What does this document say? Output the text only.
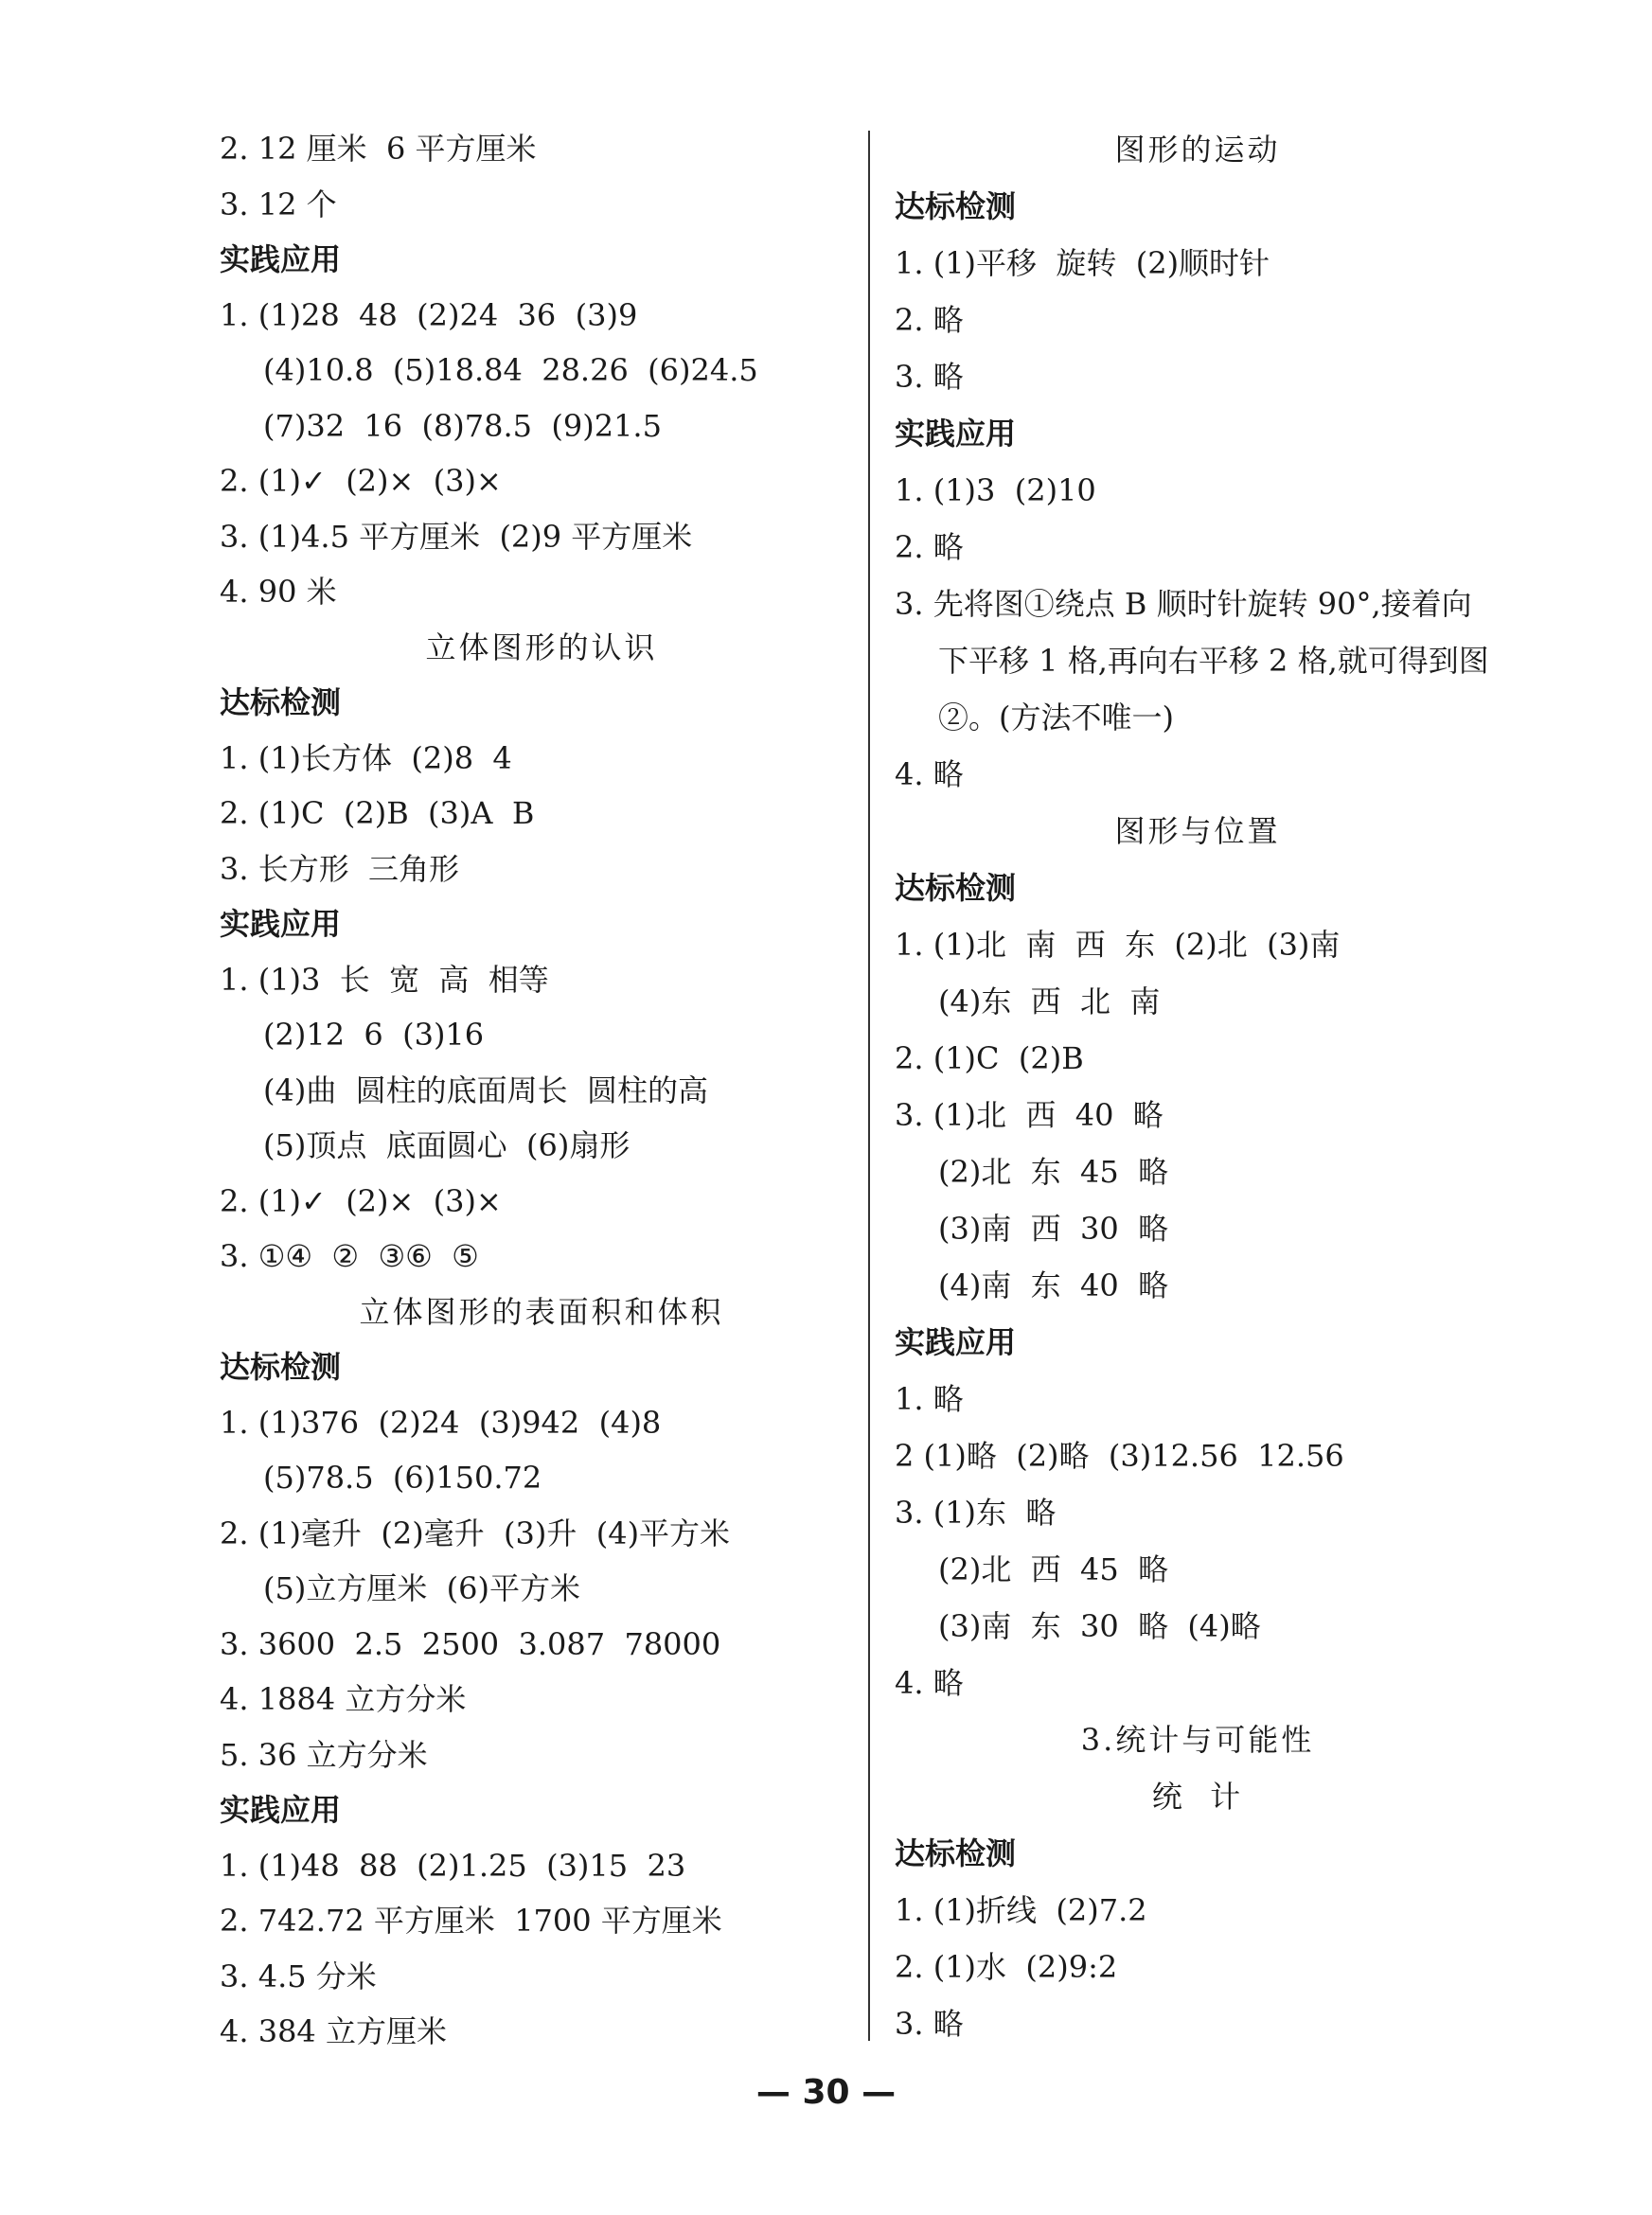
2. 12 厘米  6 平方厘米
3. 12 个
实践应用
1. (1)28  48  (2)24  36  (3)9
(4)10.8  (5)18.84  28.26  (6)24.5
(7)32  16  (8)78.5  (9)21.5
2. (1)✓  (2)×  (3)×
3. (1)4.5 平方厘米  (2)9 平方厘米
4. 90 米
立体图形的认识
达标检测
1. (1)长方体  (2)8  4
2. (1)C  (2)B  (3)A  B
3. 长方形  三角形
实践应用
1. (1)3  长  宽  高  相等
(2)12  6  (3)16
(4)曲  圆柱的底面周长  圆柱的高
(5)顶点  底面圆心  (6)扇形
2. (1)✓  (2)×  (3)×
3. ①④  ②  ③⑥  ⑤
立体图形的表面积和体积
达标检测
1. (1)376  (2)24  (3)942  (4)8
(5)78.5  (6)150.72
2. (1)毫升  (2)毫升  (3)升  (4)平方米
(5)立方厘米  (6)平方米
3. 3600  2.5  2500  3.087  78000
4. 1884 立方分米
5. 36 立方分米
实践应用
1. (1)48  88  (2)1.25  (3)15  23
2. 742.72 平方厘米  1700 平方厘米
3. 4.5 分米
4. 384 立方厘米
图形的运动
达标检测
1. (1)平移  旋转  (2)顺时针
2. 略
3. 略
实践应用
1. (1)3  (2)10
2. 略
3. 先将图①绕点 B 顺时针旋转 90°,接着向
下平移 1 格,再向右平移 2 格,就可得到图
②。(方法不唯一)
4. 略
图形与位置
达标检测
1. (1)北  南  西  东  (2)北  (3)南
(4)东  西  北  南
2. (1)C  (2)B
3. (1)北  西  40  略
(2)北  东  45  略
(3)南  西  30  略
(4)南  东  40  略
实践应用
1. 略
2 (1)略  (2)略  (3)12.56  12.56
3. (1)东  略
(2)北  西  45  略
(3)南  东  30  略  (4)略
4. 略
3.统计与可能性
统  计
达标检测
1. (1)折线  (2)7.2
2. (1)水  (2)9:2
3. 略
— 30 —
